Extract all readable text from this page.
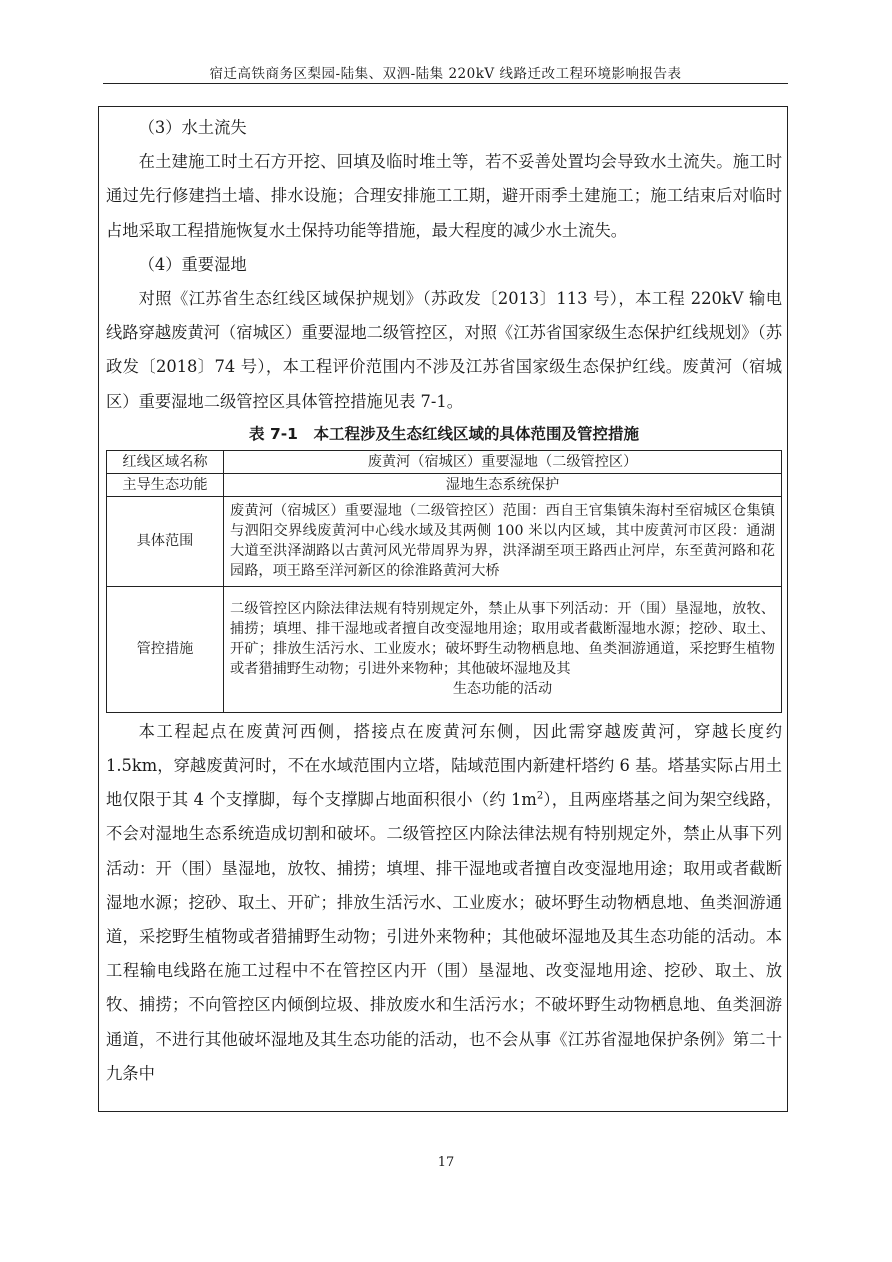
宿迁高铁商务区梨园-陆集、双泗-陆集 220kV 线路迁改工程环境影响报告表

（3）水土流失

在土建施工时土石方开挖、回填及临时堆土等，若不妥善处置均会导致水土流失。施工时通过先行修建挡土墙、排水设施；合理安排施工工期，避开雨季土建施工；施工结束后对临时占地采取工程措施恢复水土保持功能等措施，最大程度的减少水土流失。

（4）重要湿地

对照《江苏省生态红线区域保护规划》（苏政发〔2013〕113 号），本工程 220kV 输电线路穿越废黄河（宿城区）重要湿地二级管控区，对照《江苏省国家级生态保护红线规划》（苏政发〔2018〕74 号），本工程评价范围内不涉及江苏省国家级生态保护红线。废黄河（宿城区）重要湿地二级管控区具体管控措施见表 7-1。

表 7-1　本工程涉及生态红线区域的具体范围及管控措施
红线区域名称	废黄河（宿城区）重要湿地（二级管控区）
主导生态功能	湿地生态系统保护
具体范围	废黄河（宿城区）重要湿地（二级管控区）范围：西自王官集镇朱海村至宿城区仓集镇与泗阳交界线废黄河中心线水域及其两侧 100 米以内区域，其中废黄河市区段：通湖大道至洪泽湖路以古黄河风光带周界为界，洪泽湖至项王路西止河岸，东至黄河路和花园路，项王路至洋河新区的徐淮路黄河大桥
管控措施	二级管控区内除法律法规有特别规定外，禁止从事下列活动：开（围）垦湿地，放牧、捕捞；填埋、排干湿地或者擅自改变湿地用途；取用或者截断湿地水源；挖砂、取土、开矿；排放生活污水、工业废水；破坏野生动物栖息地、鱼类洄游通道，采挖野生植物或者猎捕野生动物；引进外来物种；其他破坏湿地及其
生态功能的活动

本工程起点在废黄河西侧，搭接点在废黄河东侧，因此需穿越废黄河，穿越长度约 1.5km，穿越废黄河时，不在水域范围内立塔，陆域范围内新建杆塔约 6 基。塔基实际占用土地仅限于其 4 个支撑脚，每个支撑脚占地面积很小（约 $1m^2$），且两座塔基之间为架空线路，不会对湿地生态系统造成切割和破坏。二级管控区内除法律法规有特别规定外，禁止从事下列活动：开（围）垦湿地，放牧、捕捞；填埋、排干湿地或者擅自改变湿地用途；取用或者截断湿地水源；挖砂、取土、开矿；排放生活污水、工业废水；破坏野生动物栖息地、鱼类洄游通道，采挖野生植物或者猎捕野生动物；引进外来物种；其他破坏湿地及其生态功能的活动。本工程输电线路在施工过程中不在管控区内开（围）垦湿地、改变湿地用途、挖砂、取土、放牧、捕捞；不向管控区内倾倒垃圾、排放废水和生活污水；不破坏野生动物栖息地、鱼类洄游通道，不进行其他破坏湿地及其生态功能的活动，也不会从事《江苏省湿地保护条例》第二十九条中

17
